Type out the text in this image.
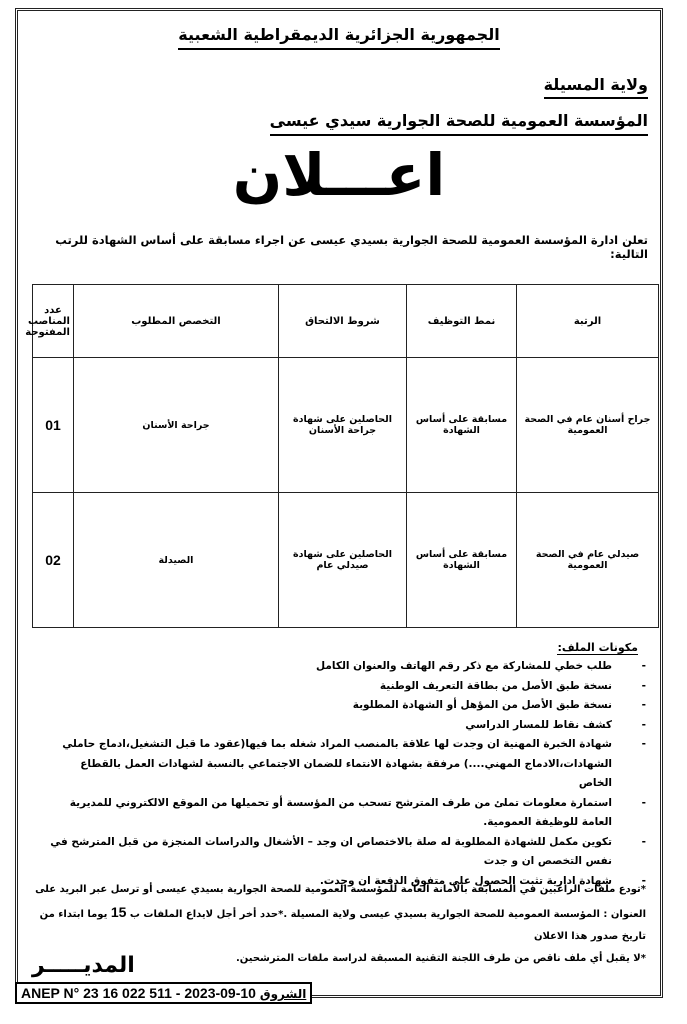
الجمهورية الجزائرية الديمقراطية الشعبية
ولاية المسيلة
المؤسسة العمومية للصحة الجوارية سيدي عيسى
اعـــلان
تعلن ادارة المؤسسة العمومية للصحة الجوارية بسيدي عيسى عن اجراء مسابقة على أساس الشهادة للرتب التالية:
الرتبة	نمط التوظيف	شروط الالتحاق	التخصص المطلوب	عدد المناصب المفتوحة
جراح أسنان عام في الصحة العمومية	مسابقة على أساس الشهادة	الحاصلين على شهادة جراحة الأسنان	جراحة الأسنان	01
صيدلي عام في الصحة العمومية	مسابقة على أساس الشهادة	الحاصلين على شهادة صيدلي عام	الصيدلة	02
مكونات الملف:
- طلب خطي للمشاركة مع ذكر رقم الهاتف والعنوان الكامل
- نسخة طبق الأصل من بطاقة التعريف الوطنية
- نسخة طبق الأصل من المؤهل أو الشهادة المطلوبة
- كشف نقاط للمسار الدراسي
- شهادة الخبرة المهنية ان وجدت لها علاقة بالمنصب المراد شغله بما فيها(عقود ما قبل التشغيل،ادماج حاملي الشهادات،الادماج المهني....) مرفقة بشهادة الانتماء للضمان الاجتماعي بالنسبة لشهادات العمل بالقطاع الخاص
- استمارة معلومات تملئ من طرف المترشح تسحب من المؤسسة أو تحميلها من الموقع الالكتروني للمديرية العامة للوظيفة العمومية.
- تكوين مكمل للشهادة المطلوبة له صلة بالاختصاص ان وجد – الأشغال والدراسات المنجزة من قبل المترشح في نفس التخصص ان و جدت
- شهادة ادارية تثبت الحصول على متفوق الدفعة ان وجدت.
*تودع ملفات الراغبين في المسابقة بالأمانة العامة للمؤسسة العمومية للصحة الجوارية بسيدي عيسى أو ترسل عبر البريد على العنوان : المؤسسة العمومية للصحة الجوارية بسيدي عيسى ولاية المسيلة .*حدد أخر أجل لايداع الملفات ب 15 يوما ابتداء من تاريخ صدور هذا الاعلان
*لا يقبل أي ملف ناقص من طرف اللجنة التقنية المسبقة لدراسة ملفات المترشحين.
المديـــــر
ANEP N° 23 16 022 511 - 2023-09-10 الشروق
